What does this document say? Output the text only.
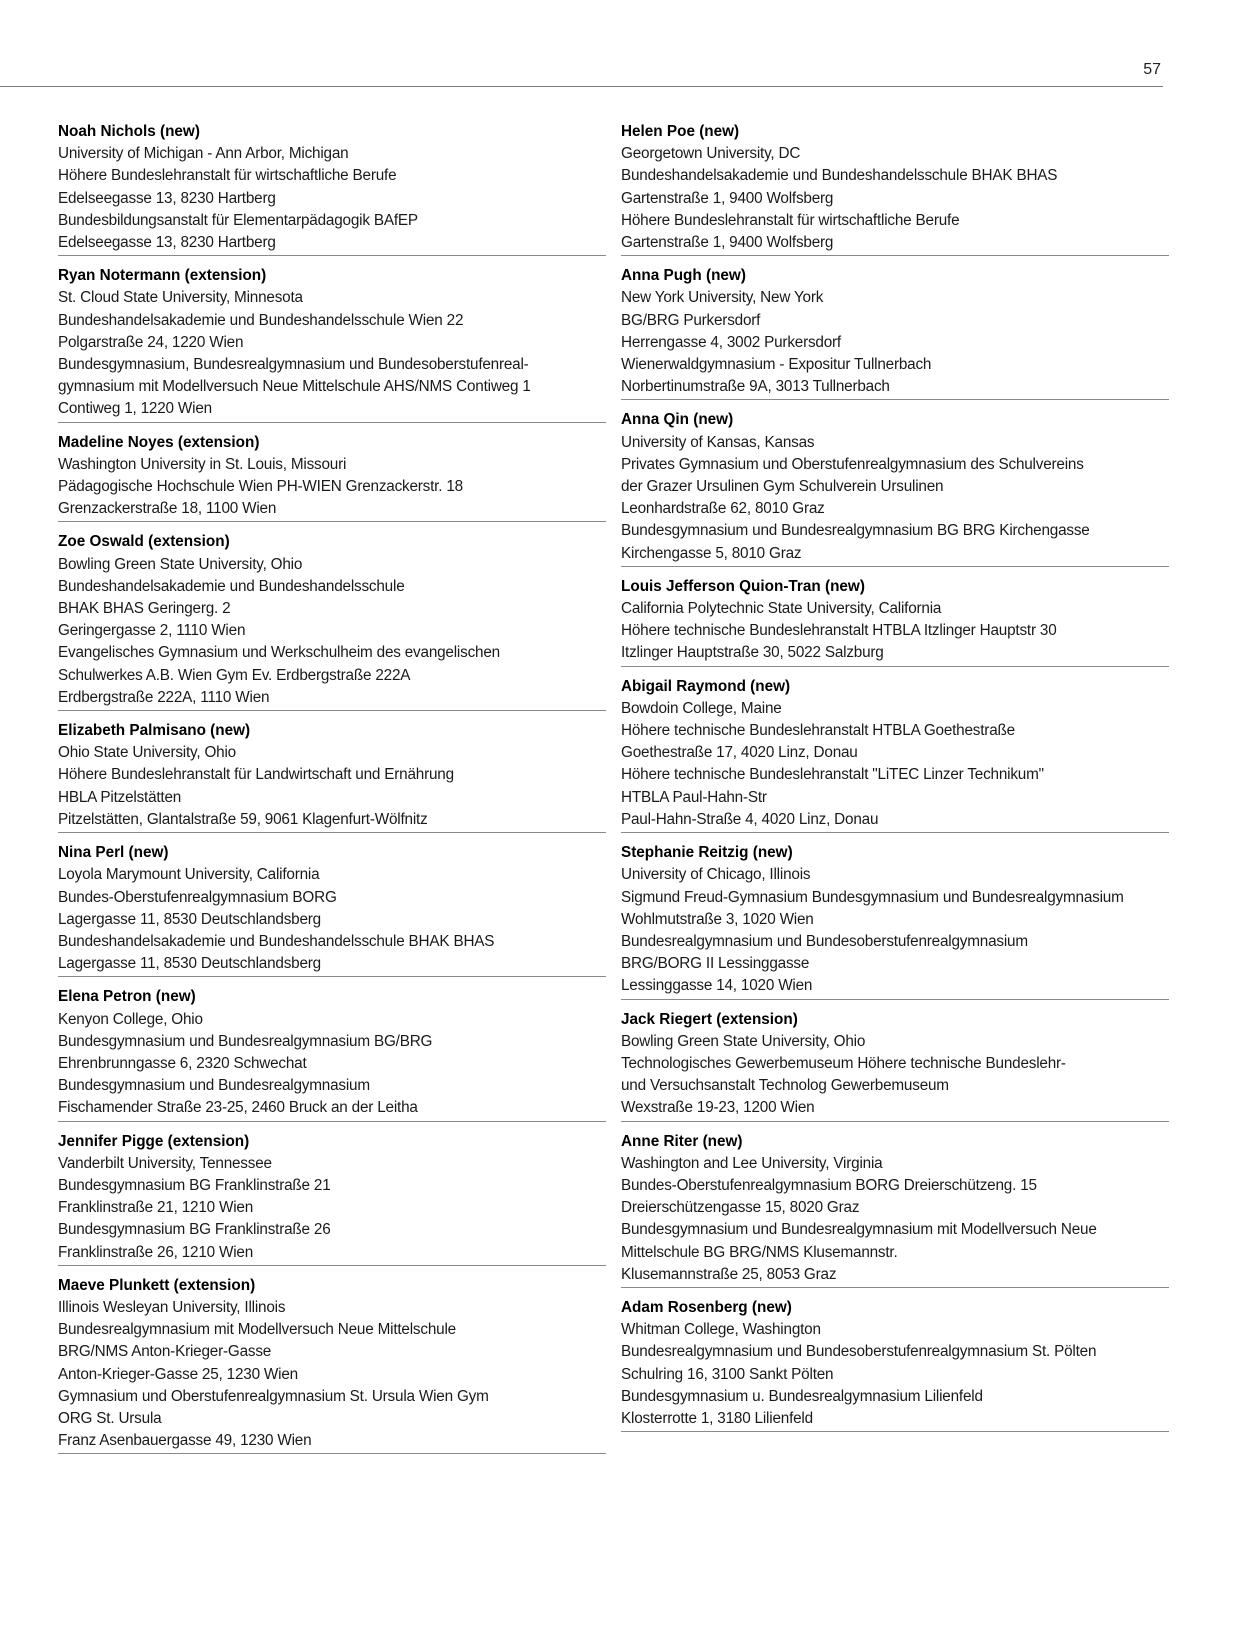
57
Noah Nichols (new)
University of Michigan - Ann Arbor, Michigan
Höhere Bundeslehranstalt für wirtschaftliche Berufe
Edelseegasse 13, 8230 Hartberg
Bundesbildungsanstalt für Elementarpädagogik BAfEP
Edelseegasse 13, 8230 Hartberg
Ryan Notermann (extension)
St. Cloud State University, Minnesota
Bundeshandelsakademie und Bundeshandelsschule Wien 22
Polgarstraße 24, 1220 Wien
Bundesgymnasium, Bundesrealgymnasium und Bundesoberstufenreal-
gymnasium mit Modellversuch Neue Mittelschule AHS/NMS Contiweg 1
Contiweg 1, 1220 Wien
Madeline Noyes (extension)
Washington University in St. Louis, Missouri
Pädagogische Hochschule Wien PH-WIEN Grenzackerstr. 18
Grenzackerstraße 18, 1100 Wien
Zoe Oswald (extension)
Bowling Green State University, Ohio
Bundeshandelsakademie und Bundeshandelsschule
BHAK BHAS Geringerg. 2
Geringergasse 2, 1110 Wien
Evangelisches Gymnasium und Werkschulheim des evangelischen
Schulwerkes A.B. Wien Gym Ev. Erdbergstraße 222A
Erdbergstraße 222A, 1110 Wien
Elizabeth Palmisano (new)
Ohio State University, Ohio
Höhere Bundeslehranstalt für Landwirtschaft und Ernährung
HBLA Pitzelstätten
Pitzelstätten, Glantalstraße 59, 9061 Klagenfurt-Wölfnitz
Nina Perl (new)
Loyola Marymount University, California
Bundes-Oberstufenrealgymnasium BORG
Lagergasse 11, 8530 Deutschlandsberg
Bundeshandelsakademie und Bundeshandelsschule BHAK BHAS
Lagergasse 11, 8530 Deutschlandsberg
Elena Petron (new)
Kenyon College, Ohio
Bundesgymnasium und Bundesrealgymnasium BG/BRG
Ehrenbrunngasse 6, 2320 Schwechat
Bundesgymnasium und Bundesrealgymnasium
Fischamender Straße 23-25, 2460 Bruck an der Leitha
Jennifer Pigge (extension)
Vanderbilt University, Tennessee
Bundesgymnasium BG Franklinstraße 21
Franklinstraße 21, 1210 Wien
Bundesgymnasium BG Franklinstraße 26
Franklinstraße 26, 1210 Wien
Maeve Plunkett (extension)
Illinois Wesleyan University, Illinois
Bundesrealgymnasium mit Modellversuch Neue Mittelschule
BRG/NMS Anton-Krieger-Gasse
Anton-Krieger-Gasse 25, 1230 Wien
Gymnasium und Oberstufenrealgymnasium St. Ursula Wien Gym
ORG St. Ursula
Franz Asenbauergasse 49, 1230 Wien
Helen Poe (new)
Georgetown University, DC
Bundeshandelsakademie und Bundeshandelsschule BHAK BHAS
Gartenstraße 1, 9400 Wolfsberg
Höhere Bundeslehranstalt für wirtschaftliche Berufe
Gartenstraße 1, 9400 Wolfsberg
Anna Pugh (new)
New York University, New York
BG/BRG Purkersdorf
Herrengasse 4, 3002 Purkersdorf
Wienerwaldgymnasium - Expositur Tullnerbach
Norbertinumstraße 9A, 3013 Tullnerbach
Anna Qin (new)
University of Kansas, Kansas
Privates Gymnasium und Oberstufenrealgymnasium des Schulvereins
der Grazer Ursulinen Gym Schulverein Ursulinen
Leonhardstraße 62, 8010 Graz
Bundesgymnasium und Bundesrealgymnasium BG BRG Kirchengasse
Kirchengasse 5, 8010 Graz
Louis Jefferson Quion-Tran (new)
California Polytechnic State University, California
Höhere technische Bundeslehranstalt HTBLA Itzlinger Hauptstr 30
Itzlinger Hauptstraße 30, 5022 Salzburg
Abigail Raymond (new)
Bowdoin College, Maine
Höhere technische Bundeslehranstalt HTBLA Goethestraße
Goethestraße 17, 4020 Linz, Donau
Höhere technische Bundeslehranstalt "LiTEC Linzer Technikum"
HTBLA Paul-Hahn-Str
Paul-Hahn-Straße 4, 4020 Linz, Donau
Stephanie Reitzig (new)
University of Chicago, Illinois
Sigmund Freud-Gymnasium Bundesgymnasium und Bundesrealgymnasium
Wohlmutstraße 3, 1020 Wien
Bundesrealgymnasium und Bundesoberstufenrealgymnasium
BRG/BORG II Lessinggasse
Lessinggasse 14, 1020 Wien
Jack Riegert (extension)
Bowling Green State University, Ohio
Technologisches Gewerbemuseum Höhere technische Bundeslehr-
und Versuchsanstalt Technolog Gewerbemuseum
Wexstraße 19-23, 1200 Wien
Anne Riter (new)
Washington and Lee University, Virginia
Bundes-Oberstufenrealgymnasium BORG Dreierschützeng. 15
Dreierschützengasse 15, 8020 Graz
Bundesgymnasium und Bundesrealgymnasium mit Modellversuch Neue
Mittelschule BG BRG/NMS Klusemannstr.
Klusemannstraße 25, 8053 Graz
Adam Rosenberg (new)
Whitman College, Washington
Bundesrealgymnasium und Bundesoberstufenrealgymnasium St. Pölten
Schulring 16, 3100 Sankt Pölten
Bundesgymnasium u. Bundesrealgymnasium Lilienfeld
Klosterrotte 1, 3180 Lilienfeld
